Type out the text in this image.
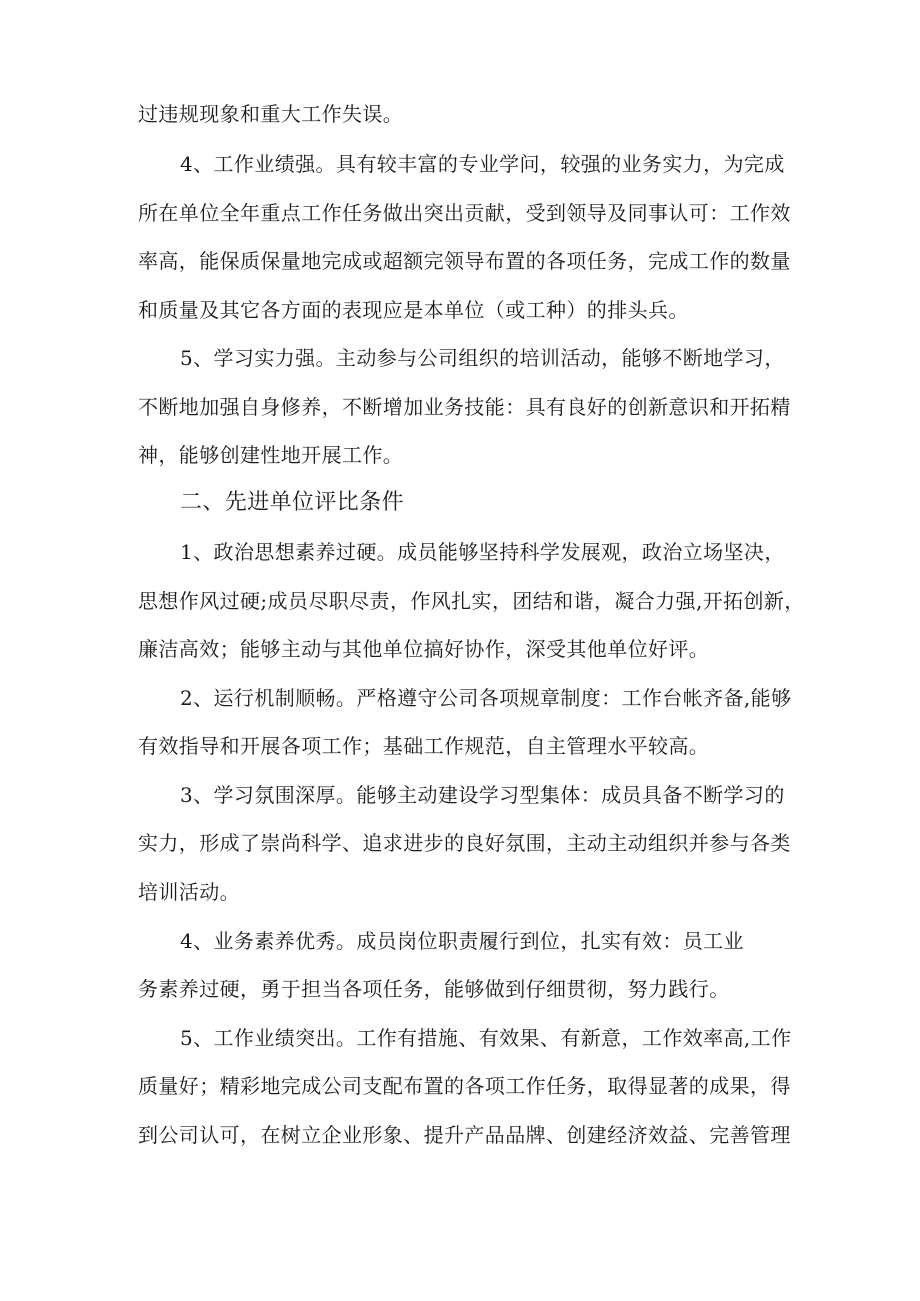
过违规现象和重大工作失误。
4、工作业绩强。具有较丰富的专业学问，较强的业务实力，为完成
所在单位全年重点工作任务做出突出贡献，受到领导及同事认可：工作效
率高，能保质保量地完成或超额完领导布置的各项任务，完成工作的数量
和质量及其它各方面的表现应是本单位（或工种）的排头兵。
5、学习实力强。主动参与公司组织的培训活动，能够不断地学习，
不断地加强自身修养，不断增加业务技能：具有良好的创新意识和开拓精
神，能够创建性地开展工作。
二、先进单位评比条件
1、政治思想素养过硬。成员能够坚持科学发展观，政治立场坚决，
思想作风过硬;成员尽职尽责，作风扎实，团结和谐，凝合力强,开拓创新，
廉洁高效；能够主动与其他单位搞好协作，深受其他单位好评。
2、运行机制顺畅。严格遵守公司各项规章制度：工作台帐齐备,能够
有效指导和开展各项工作；基础工作规范，自主管理水平较高。
3、学习氛围深厚。能够主动建设学习型集体：成员具备不断学习的
实力，形成了崇尚科学、追求进步的良好氛围，主动主动组织并参与各类
培训活动。
4、业务素养优秀。成员岗位职责履行到位，扎实有效：员工业
务素养过硬，勇于担当各项任务，能够做到仔细贯彻，努力践行。
5、工作业绩突出。工作有措施、有效果、有新意，工作效率高,工作
质量好；精彩地完成公司支配布置的各项工作任务，取得显著的成果，得
到公司认可，在树立企业形象、提升产品品牌、创建经济效益、完善管理
